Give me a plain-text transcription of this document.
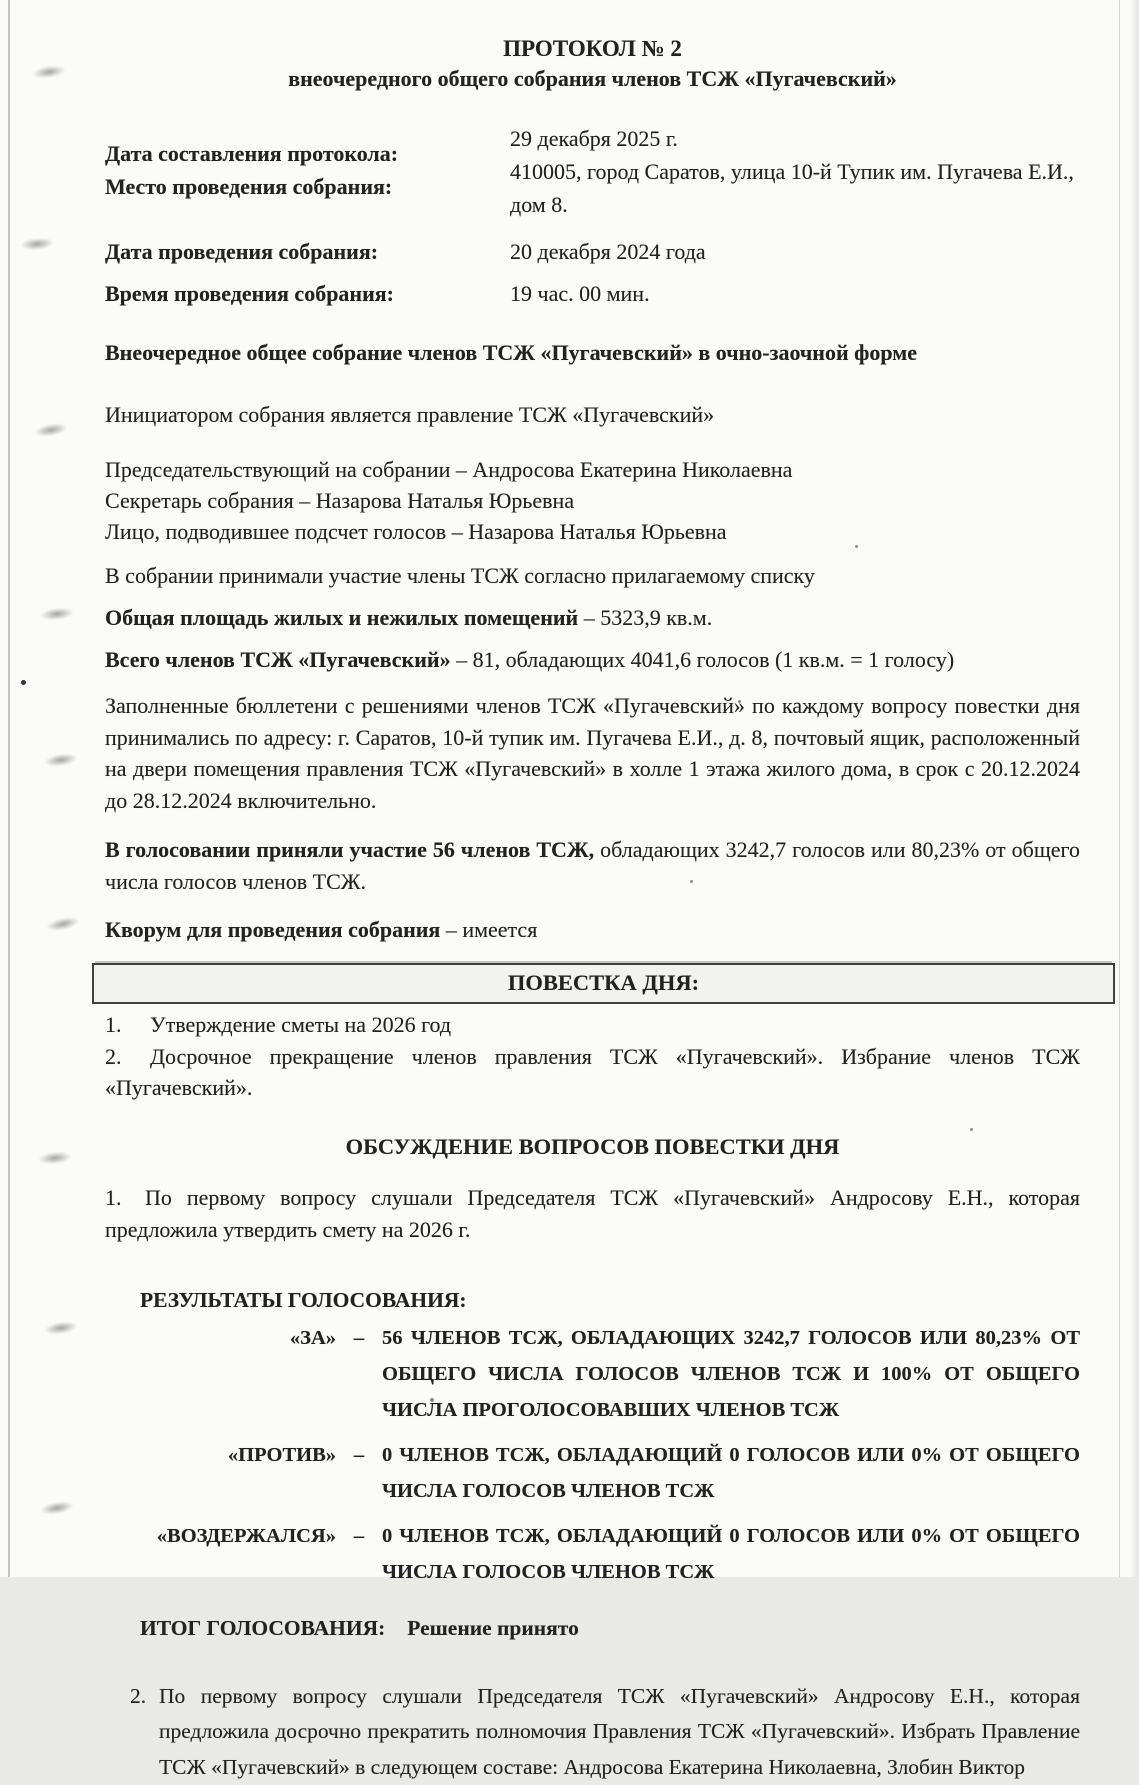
ПРОТОКОЛ № 2
внеочередного общего собрания членов ТСЖ «Пугачевский»
Дата составления протокола:
Место проведения собрания:
29 декабря 2025 г.
410005, город Саратов, улица 10-й Тупик им. Пугачева Е.И., дом 8.
Дата проведения собрания:	20 декабря 2024 года
Время проведения собрания:	19 час. 00 мин.
Внеочередное общее собрание членов ТСЖ «Пугачевский» в очно-заочной форме
Инициатором собрания является правление ТСЖ «Пугачевский»
Председательствующий на собрании – Андросова Екатерина Николаевна
Секретарь собрания – Назарова Наталья Юрьевна
Лицо, подводившее подсчет голосов – Назарова Наталья Юрьевна
В собрании принимали участие члены ТСЖ согласно прилагаемому списку
Общая площадь жилых и нежилых помещений – 5323,9 кв.м.
Всего членов ТСЖ «Пугачевский» – 81, обладающих 4041,6 голосов (1 кв.м. = 1 голосу)
Заполненные бюллетени с решениями членов ТСЖ «Пугачевский» по каждому вопросу повестки дня принимались по адресу: г. Саратов, 10-й тупик им. Пугачева Е.И., д. 8, почтовый ящик, расположенный на двери помещения правления ТСЖ «Пугачевский» в холле 1 этажа жилого дома, в срок с 20.12.2024 до 28.12.2024 включительно.
В голосовании приняли участие 56 членов ТСЖ, обладающих 3242,7 голосов или 80,23% от общего числа голосов членов ТСЖ.
Кворум для проведения собрания – имеется
ПОВЕСТКА ДНЯ:
1. Утверждение сметы на 2026 год
2. Досрочное прекращение членов правления ТСЖ «Пугачевский». Избрание членов ТСЖ «Пугачевский».
ОБСУЖДЕНИЕ ВОПРОСОВ ПОВЕСТКИ ДНЯ
1. По первому вопросу слушали Председателя ТСЖ «Пугачевский» Андросову Е.Н., которая предложила утвердить смету на 2026 г.
РЕЗУЛЬТАТЫ ГОЛОСОВАНИЯ:
«ЗА» – 56 ЧЛЕНОВ ТСЖ, ОБЛАДАЮЩИХ 3242,7 ГОЛОСОВ ИЛИ 80,23% ОТ ОБЩЕГО ЧИСЛА ГОЛОСОВ ЧЛЕНОВ ТСЖ И 100% ОТ ОБЩЕГО ЧИСЛА ПРОГОЛОСОВАВШИХ ЧЛЕНОВ ТСЖ
«ПРОТИВ» – 0 ЧЛЕНОВ ТСЖ, ОБЛАДАЮЩИЙ 0 ГОЛОСОВ ИЛИ 0% ОТ ОБЩЕГО ЧИСЛА ГОЛОСОВ ЧЛЕНОВ ТСЖ
«ВОЗДЕРЖАЛСЯ» – 0 ЧЛЕНОВ ТСЖ, ОБЛАДАЮЩИЙ 0 ГОЛОСОВ ИЛИ 0% ОТ ОБЩЕГО ЧИСЛА ГОЛОСОВ ЧЛЕНОВ ТСЖ
ИТОГ ГОЛОСОВАНИЯ: Решение принято
2. По первому вопросу слушали Председателя ТСЖ «Пугачевский» Андросову Е.Н., которая предложила досрочно прекратить полномочия Правления ТСЖ «Пугачевский». Избрать Правление ТСЖ «Пугачевский» в следующем составе: Андросова Екатерина Николаевна, Злобин Виктор
